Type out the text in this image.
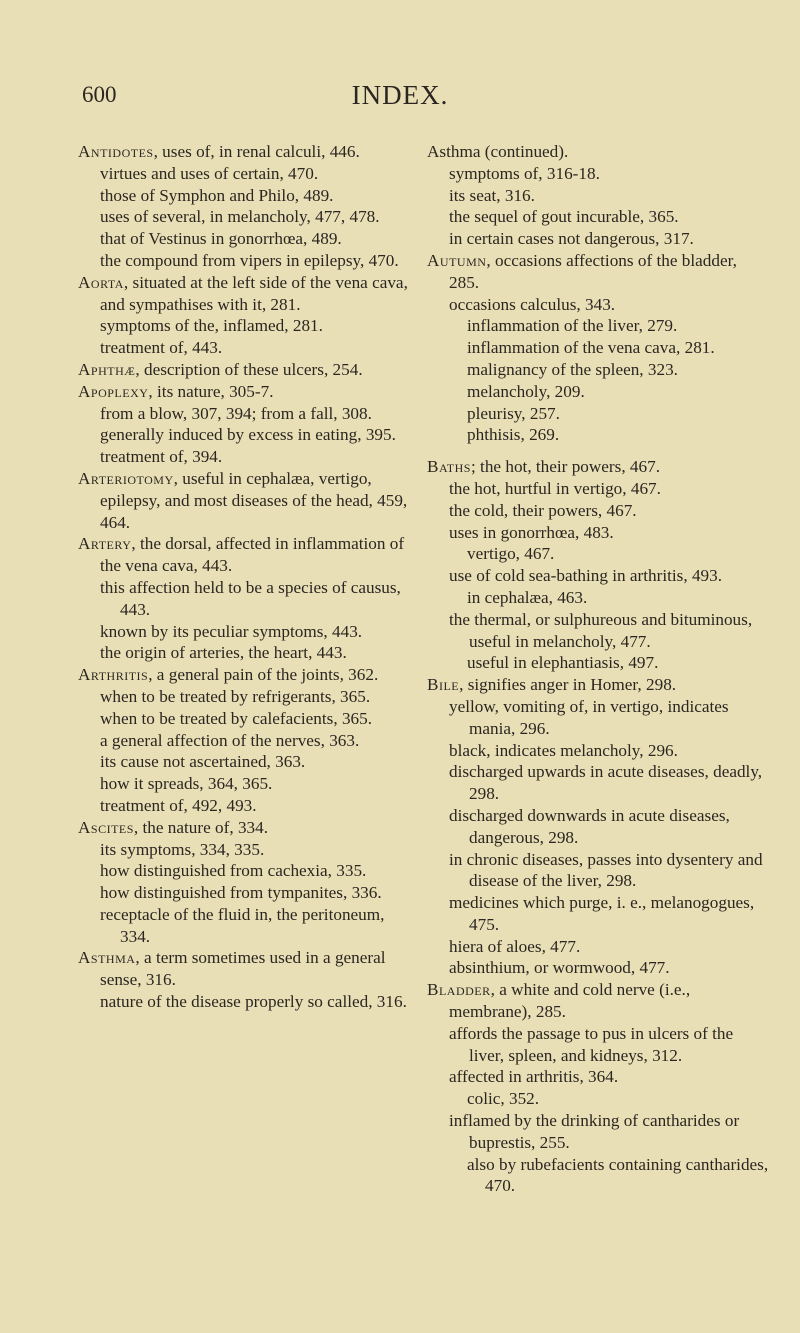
600	INDEX.

Antidotes, uses of, in renal calculi, 446.

virtues and uses of certain, 470.

those of Symphon and Philo, 489.

uses of several, in melancholy, 477, 478.

that of Vestinus in gonorrhœa, 489.

the compound from vipers in epilepsy, 470.

Aorta, situated at the left side of the vena cava, and sympathises with it, 281.

symptoms of the, inflamed, 281.

treatment of, 443.

Aphthæ, description of these ulcers, 254.

Apoplexy, its nature, 305-7.

from a blow, 307, 394; from a fall, 308.

generally induced by excess in eating, 395.

treatment of, 394.

Arteriotomy, useful in cephalæa, vertigo, epilepsy, and most diseases of the head, 459, 464.

Artery, the dorsal, affected in inflammation of the vena cava, 443.

this affection held to be a species of causus, 443.

known by its peculiar symptoms, 443.

the origin of arteries, the heart, 443.

Arthritis, a general pain of the joints, 362.

when to be treated by refrigerants, 365.

when to be treated by calefacients, 365.

a general affection of the nerves, 363.

its cause not ascertained, 363.

how it spreads, 364, 365.

treatment of, 492, 493.

Ascites, the nature of, 334.

its symptoms, 334, 335.

how distinguished from cachexia, 335.

how distinguished from tympanites, 336.

receptacle of the fluid in, the peritoneum, 334.

Asthma, a term sometimes used in a general sense, 316.

nature of the disease properly so called, 316.

Asthma (continued).

symptoms of, 316-18.

its seat, 316.

the sequel of gout incurable, 365.

in certain cases not dangerous, 317.

Autumn, occasions affections of the bladder, 285.

occasions calculus, 343.

inflammation of the liver, 279.

inflammation of the vena cava, 281.

malignancy of the spleen, 323.

melancholy, 209.

pleurisy, 257.

phthisis, 269.

Baths; the hot, their powers, 467.

the hot, hurtful in vertigo, 467.

the cold, their powers, 467.

uses in gonorrhœa, 483.

vertigo, 467.

use of cold sea-bathing in arthritis, 493.

in cephalæa, 463.

the thermal, or sulphureous and bituminous, useful in melancholy, 477.

useful in elephantiasis, 497.

Bile, signifies anger in Homer, 298.

yellow, vomiting of, in vertigo, indicates mania, 296.

black, indicates melancholy, 296.

discharged upwards in acute diseases, deadly, 298.

discharged downwards in acute diseases, dangerous, 298.

in chronic diseases, passes into dysentery and disease of the liver, 298.

medicines which purge, i. e., melanogogues, 475.

hiera of aloes, 477.

absinthium, or wormwood, 477.

Bladder, a white and cold nerve (i.e., membrane), 285.

affords the passage to pus in ulcers of the liver, spleen, and kidneys, 312.

affected in arthritis, 364.

colic, 352.

inflamed by the drinking of cantharides or buprestis, 255.

also by rubefacients containing cantharides, 470.
